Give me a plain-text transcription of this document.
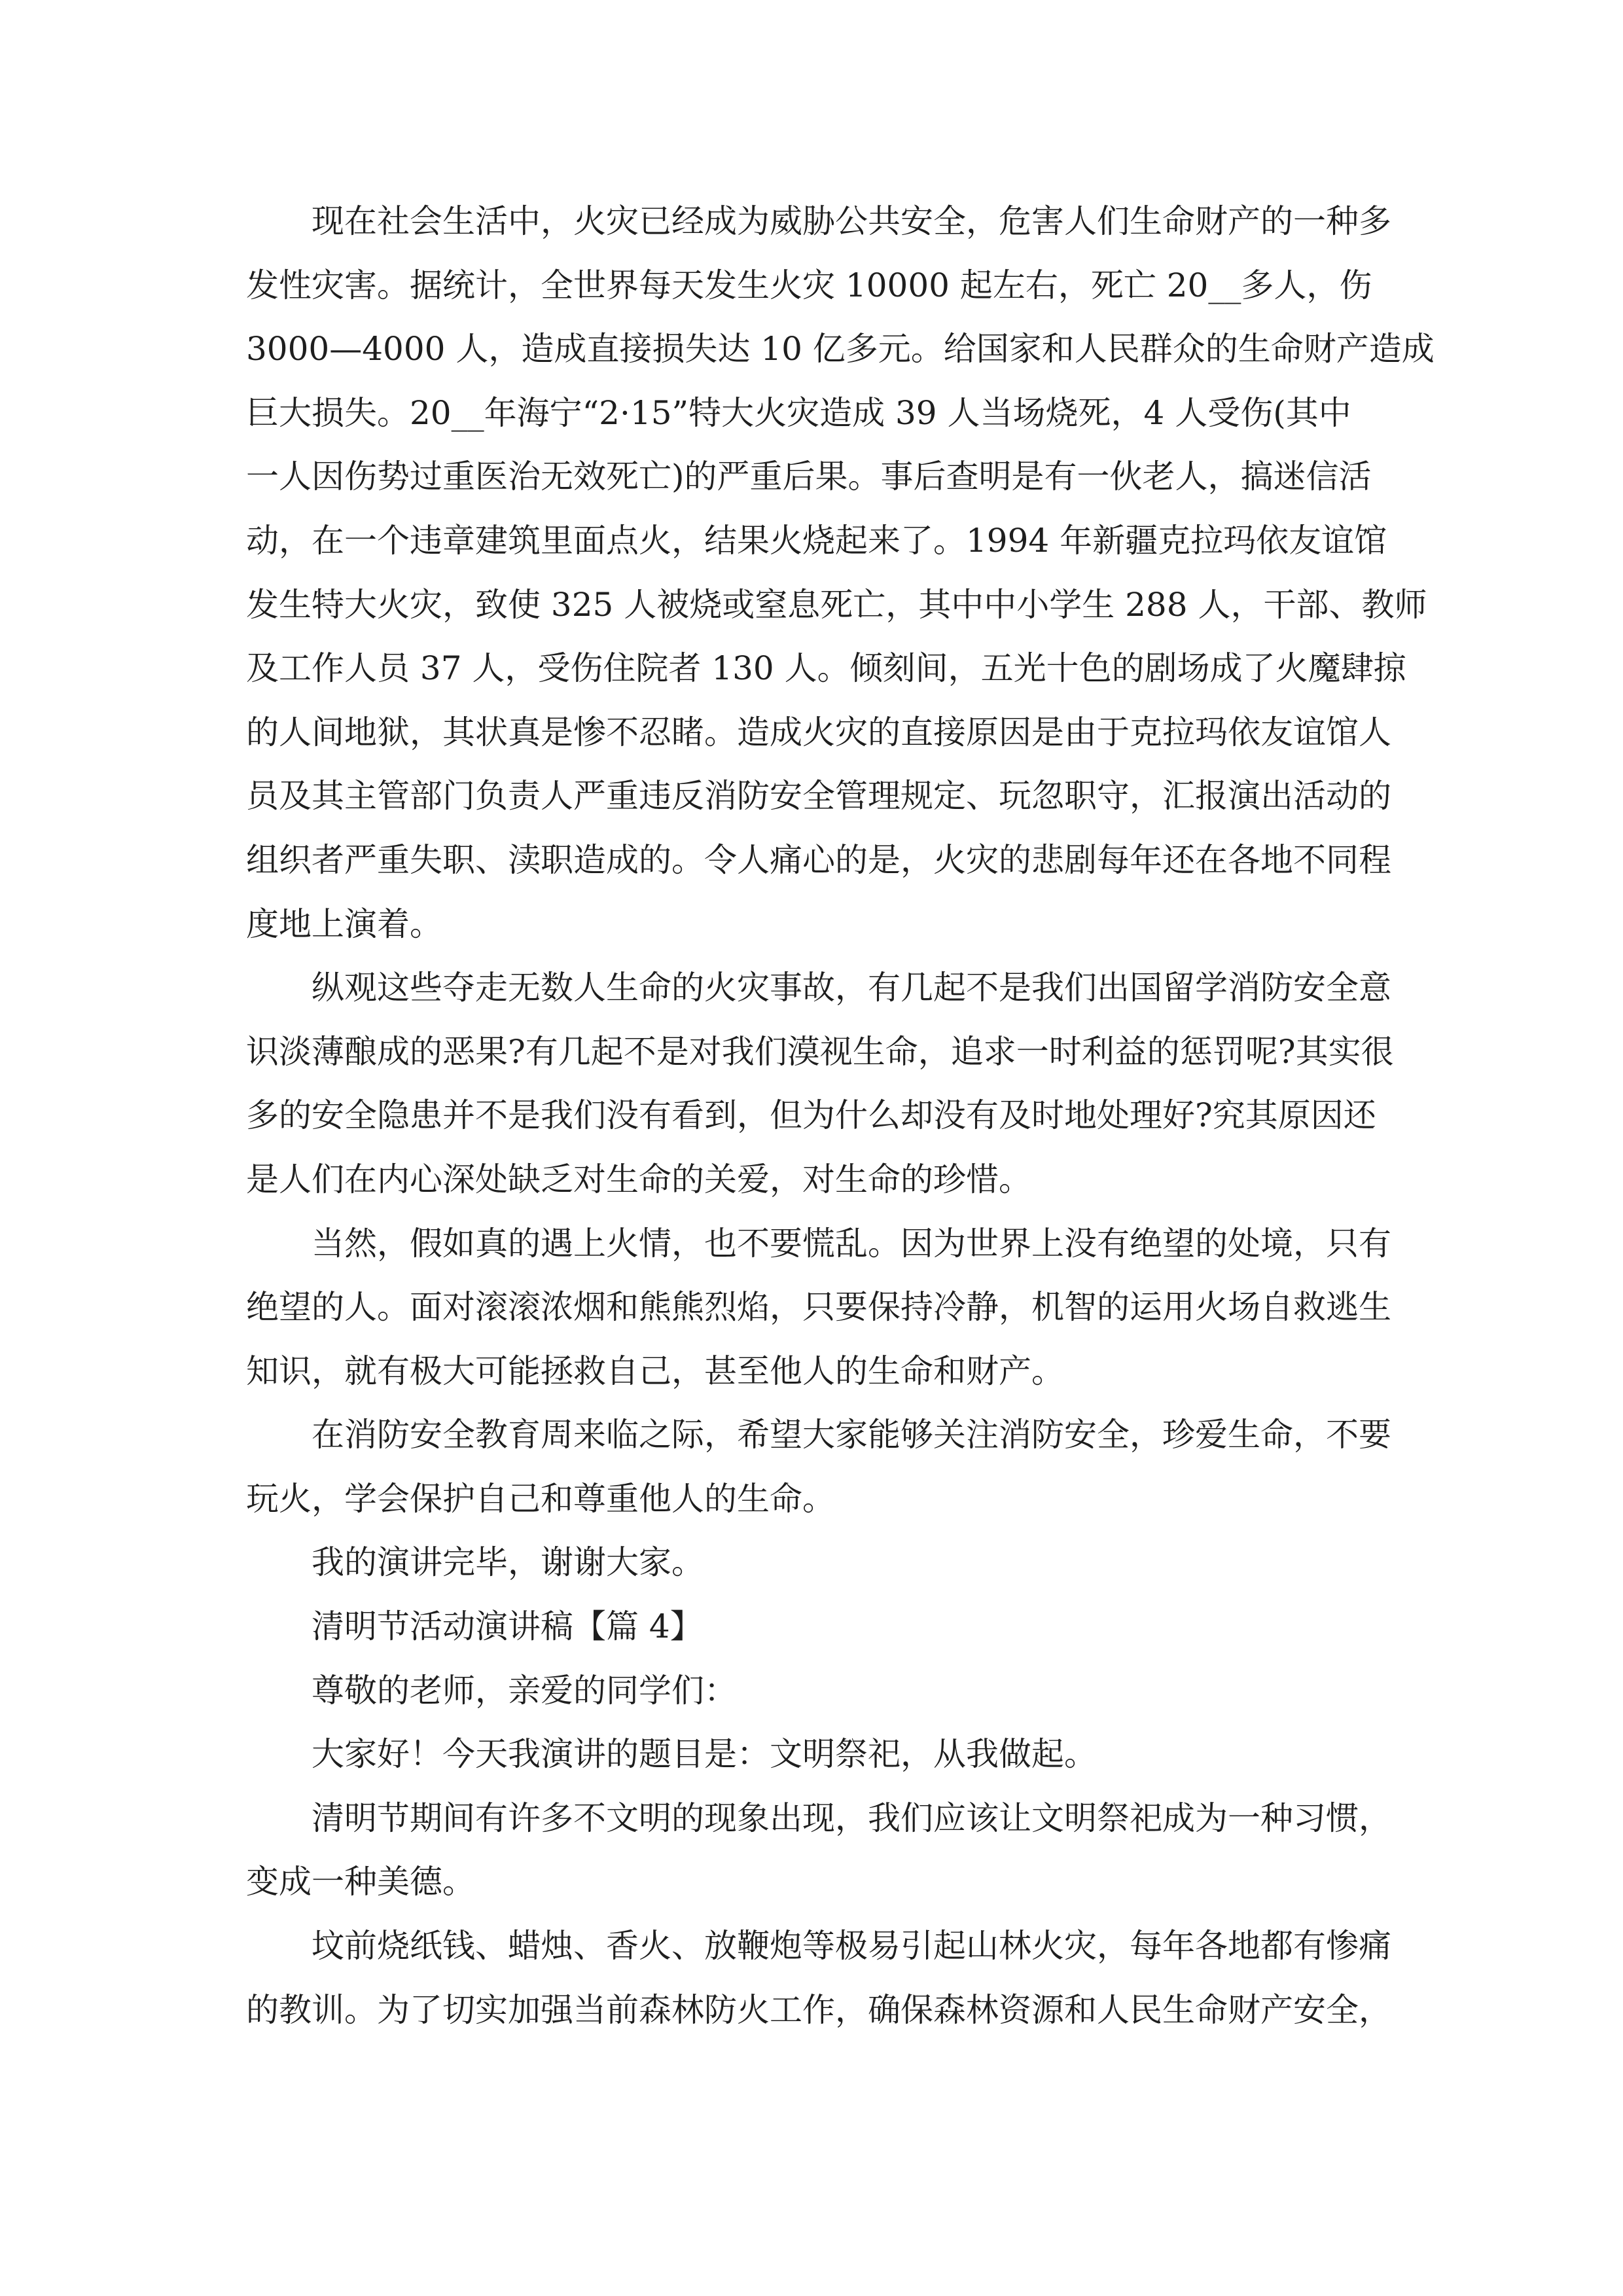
现在社会生活中，火灾已经成为威胁公共安全，危害人们生命财产的一种多
发性灾害。据统计，全世界每天发生火灾 10000 起左右，死亡 20__多人，伤
3000—4000 人，造成直接损失达 10 亿多元。给国家和人民群众的生命财产造成
巨大损失。20__年海宁“2·15”特大火灾造成 39 人当场烧死，4 人受伤(其中
一人因伤势过重医治无效死亡)的严重后果。事后查明是有一伙老人，搞迷信活
动，在一个违章建筑里面点火，结果火烧起来了。1994 年新疆克拉玛依友谊馆
发生特大火灾，致使 325 人被烧或窒息死亡，其中中小学生 288 人，干部、教师
及工作人员 37 人，受伤住院者 130 人。倾刻间，五光十色的剧场成了火魔肆掠
的人间地狱，其状真是惨不忍睹。造成火灾的直接原因是由于克拉玛依友谊馆人
员及其主管部门负责人严重违反消防安全管理规定、玩忽职守，汇报演出活动的
组织者严重失职、渎职造成的。令人痛心的是，火灾的悲剧每年还在各地不同程
度地上演着。
纵观这些夺走无数人生命的火灾事故，有几起不是我们出国留学消防安全意
识淡薄酿成的恶果?有几起不是对我们漠视生命，追求一时利益的惩罚呢?其实很
多的安全隐患并不是我们没有看到，但为什么却没有及时地处理好?究其原因还
是人们在内心深处缺乏对生命的关爱，对生命的珍惜。
当然，假如真的遇上火情，也不要慌乱。因为世界上没有绝望的处境，只有
绝望的人。面对滚滚浓烟和熊熊烈焰，只要保持冷静，机智的运用火场自救逃生
知识，就有极大可能拯救自己，甚至他人的生命和财产。
在消防安全教育周来临之际，希望大家能够关注消防安全，珍爱生命，不要
玩火，学会保护自己和尊重他人的生命。
我的演讲完毕，谢谢大家。
清明节活动演讲稿【篇 4】
尊敬的老师，亲爱的同学们：
大家好！今天我演讲的题目是：文明祭祀，从我做起。
清明节期间有许多不文明的现象出现，我们应该让文明祭祀成为一种习惯，
变成一种美德。
坟前烧纸钱、蜡烛、香火、放鞭炮等极易引起山林火灾，每年各地都有惨痛
的教训。为了切实加强当前森林防火工作，确保森林资源和人民生命财产安全，
